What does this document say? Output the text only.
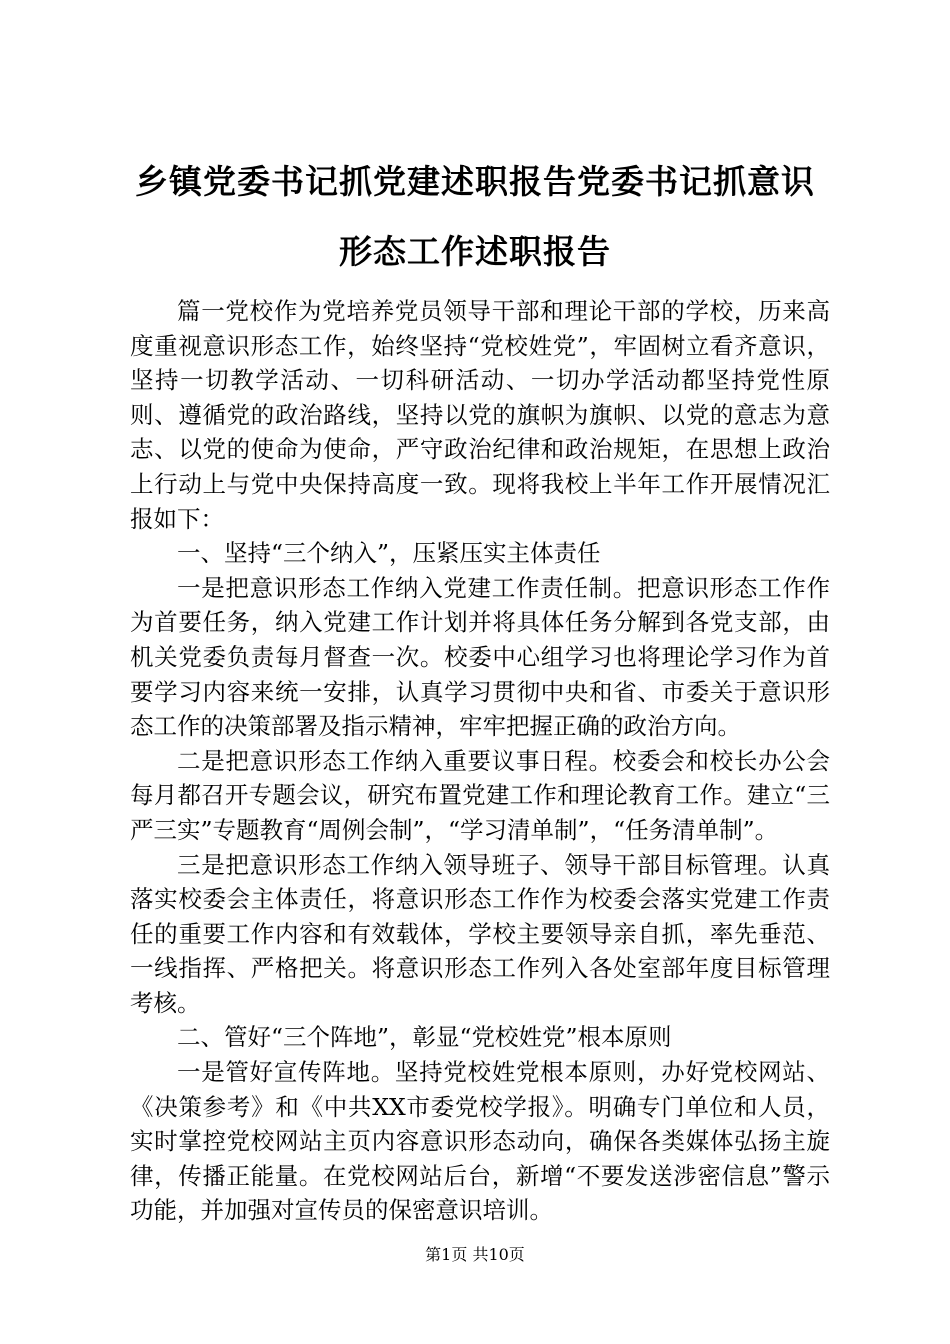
乡镇党委书记抓党建述职报告党委书记抓意识
形态工作述职报告

篇一党校作为党培养党员领导干部和理论干部的学校，历来高度重视意识形态工作，始终坚持“党校姓党”，牢固树立看齐意识，坚持一切教学活动、一切科研活动、一切办学活动都坚持党性原则、遵循党的政治路线，坚持以党的旗帜为旗帜、以党的意志为意志、以党的使命为使命，严守政治纪律和政治规矩，在思想上政治上行动上与党中央保持高度一致。现将我校上半年工作开展情况汇报如下：

一、坚持“三个纳入”，压紧压实主体责任

一是把意识形态工作纳入党建工作责任制。把意识形态工作作为首要任务，纳入党建工作计划并将具体任务分解到各党支部，由机关党委负责每月督查一次。校委中心组学习也将理论学习作为首要学习内容来统一安排，认真学习贯彻中央和省、市委关于意识形态工作的决策部署及指示精神，牢牢把握正确的政治方向。

二是把意识形态工作纳入重要议事日程。校委会和校长办公会每月都召开专题会议，研究布置党建工作和理论教育工作。建立“三严三实”专题教育“周例会制”，“学习清单制”，“任务清单制”。

三是把意识形态工作纳入领导班子、领导干部目标管理。认真落实校委会主体责任，将意识形态工作作为校委会落实党建工作责任的重要工作内容和有效载体，学校主要领导亲自抓，率先垂范、一线指挥、严格把关。将意识形态工作列入各处室部年度目标管理考核。

二、管好“三个阵地”，彰显“党校姓党”根本原则

一是管好宣传阵地。坚持党校姓党根本原则，办好党校网站、《决策参考》和《中共XX市委党校学报》。明确专门单位和人员，实时掌控党校网站主页内容意识形态动向，确保各类媒体弘扬主旋律，传播正能量。在党校网站后台，新增“不要发送涉密信息”警示功能，并加强对宣传员的保密意识培训。

第1页 共10页
